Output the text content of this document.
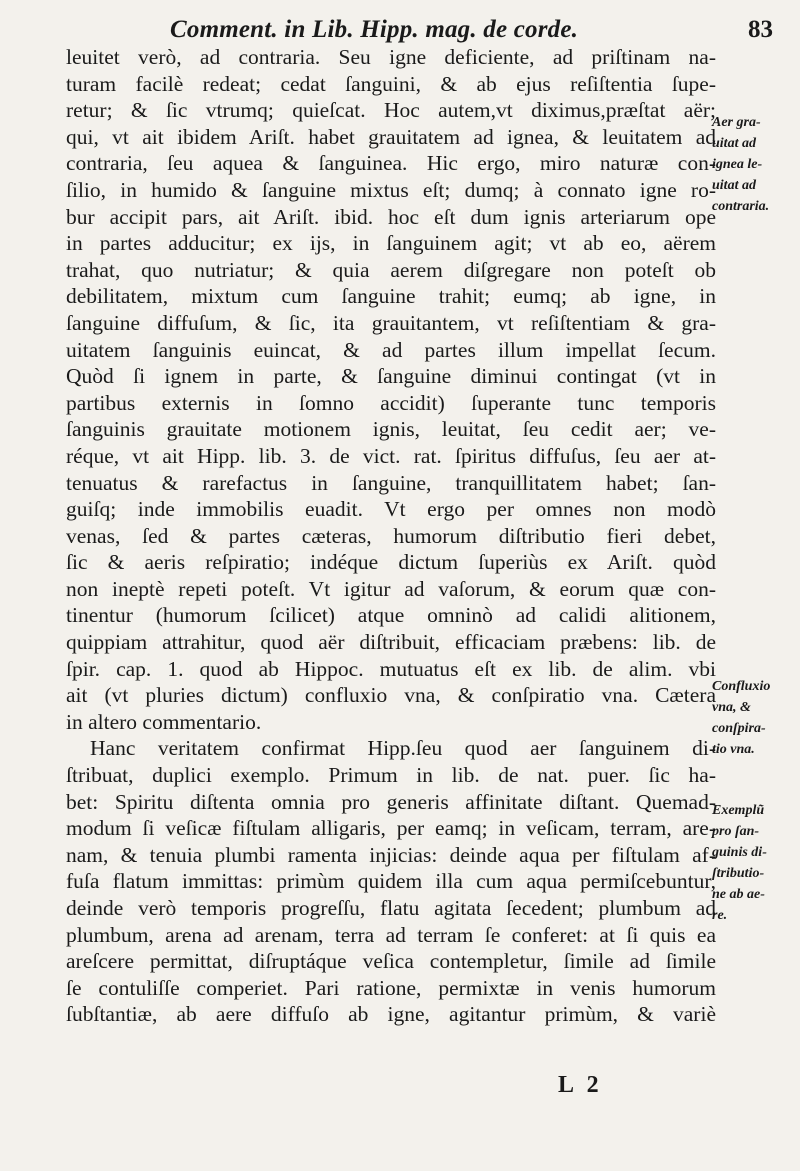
Comment. in Lib. Hipp. mag. de corde.	83
leuitet verò, ad contraria. Seu igne deficiente, ad priſtinam na-
turam facilè redeat; cedat ſanguini, & ab ejus reſiſtentia ſupe-
retur; & ſic vtrumq; quieſcat. Hoc autem,vt diximus,præſtat aër;
qui, vt ait ibidem Ariſt. habet grauitatem ad ignea, & leuitatem ad
contraria, ſeu aquea & ſanguinea. Hic ergo, miro naturæ con-
ſilio, in humido & ſanguine mixtus eſt; dumq; à connato igne ro-
bur accipit pars, ait Ariſt. ibid. hoc eſt dum ignis arteriarum ope
in partes adducitur; ex ijs, in ſanguinem agit; vt ab eo, aërem
trahat, quo nutriatur; & quia aerem diſgregare non poteſt ob
debilitatem, mixtum cum ſanguine trahit; eumq; ab igne, in
ſanguine diffuſum, & ſic, ita grauitantem, vt reſiſtentiam & gra-
uitatem ſanguinis euincat, & ad partes illum impellat ſecum.
Quòd ſi ignem in parte, & ſanguine diminui contingat (vt in
partibus externis in ſomno accidit) ſuperante tunc temporis
ſanguinis grauitate motionem ignis, leuitat, ſeu cedit aer; ve-
réque, vt ait Hipp. lib. 3. de vict. rat. ſpiritus diffuſus, ſeu aer at-
tenuatus & rarefactus in ſanguine, tranquillitatem habet; ſan-
guiſq; inde immobilis euadit. Vt ergo per omnes non modò
venas, ſed & partes cæteras, humorum diſtributio fieri debet,
ſic & aeris reſpiratio; indéque dictum ſuperiùs ex Ariſt. quòd
non ineptè repeti poteſt. Vt igitur ad vaſorum, & eorum quæ con-
tinentur (humorum ſcilicet) atque omninò ad calidi alitionem,
quippiam attrahitur, quod aër diſtribuit, efficaciam præbens: lib. de
ſpir. cap. 1. quod ab Hippoc. mutuatus eſt ex lib. de alim. vbi
ait (vt pluries dictum) confluxio vna, & conſpiratio vna. Cætera
in altero commentario.
Hanc veritatem confirmat Hipp.ſeu quod aer ſanguinem di-
ſtribuat, duplici exemplo. Primum in lib. de nat. puer. ſic ha-
bet: Spiritu diſtenta omnia pro generis affinitate diſtant. Quemad-
modum ſi veſicæ fiſtulam alligaris, per eamq; in veſicam, terram, are-
nam, & tenuia plumbi ramenta injicias: deinde aqua per fiſtulam af-
fuſa flatum immittas: primùm quidem illa cum aqua permiſcebuntur,
deinde verò temporis progreſſu, flatu agitata ſecedent; plumbum ad
plumbum, arena ad arenam, terra ad terram ſe conferet: at ſi quis ea
areſcere permittat, diſruptáque veſica contempletur, ſimile ad ſimile
ſe contuliſſe comperiet. Pari ratione, permixtæ in venis humorum
ſubſtantiæ, ab aere diffuſo ab igne, agitantur primùm, & variè
Aer gra-
uitat ad
ignea le-
uitat ad
contraria.
Confluxio
vna, &
conſpira-
tio vna.
Exemplũ
pro ſan-
guinis di-
ſtributio-
ne ab ae-
re.
L 2
